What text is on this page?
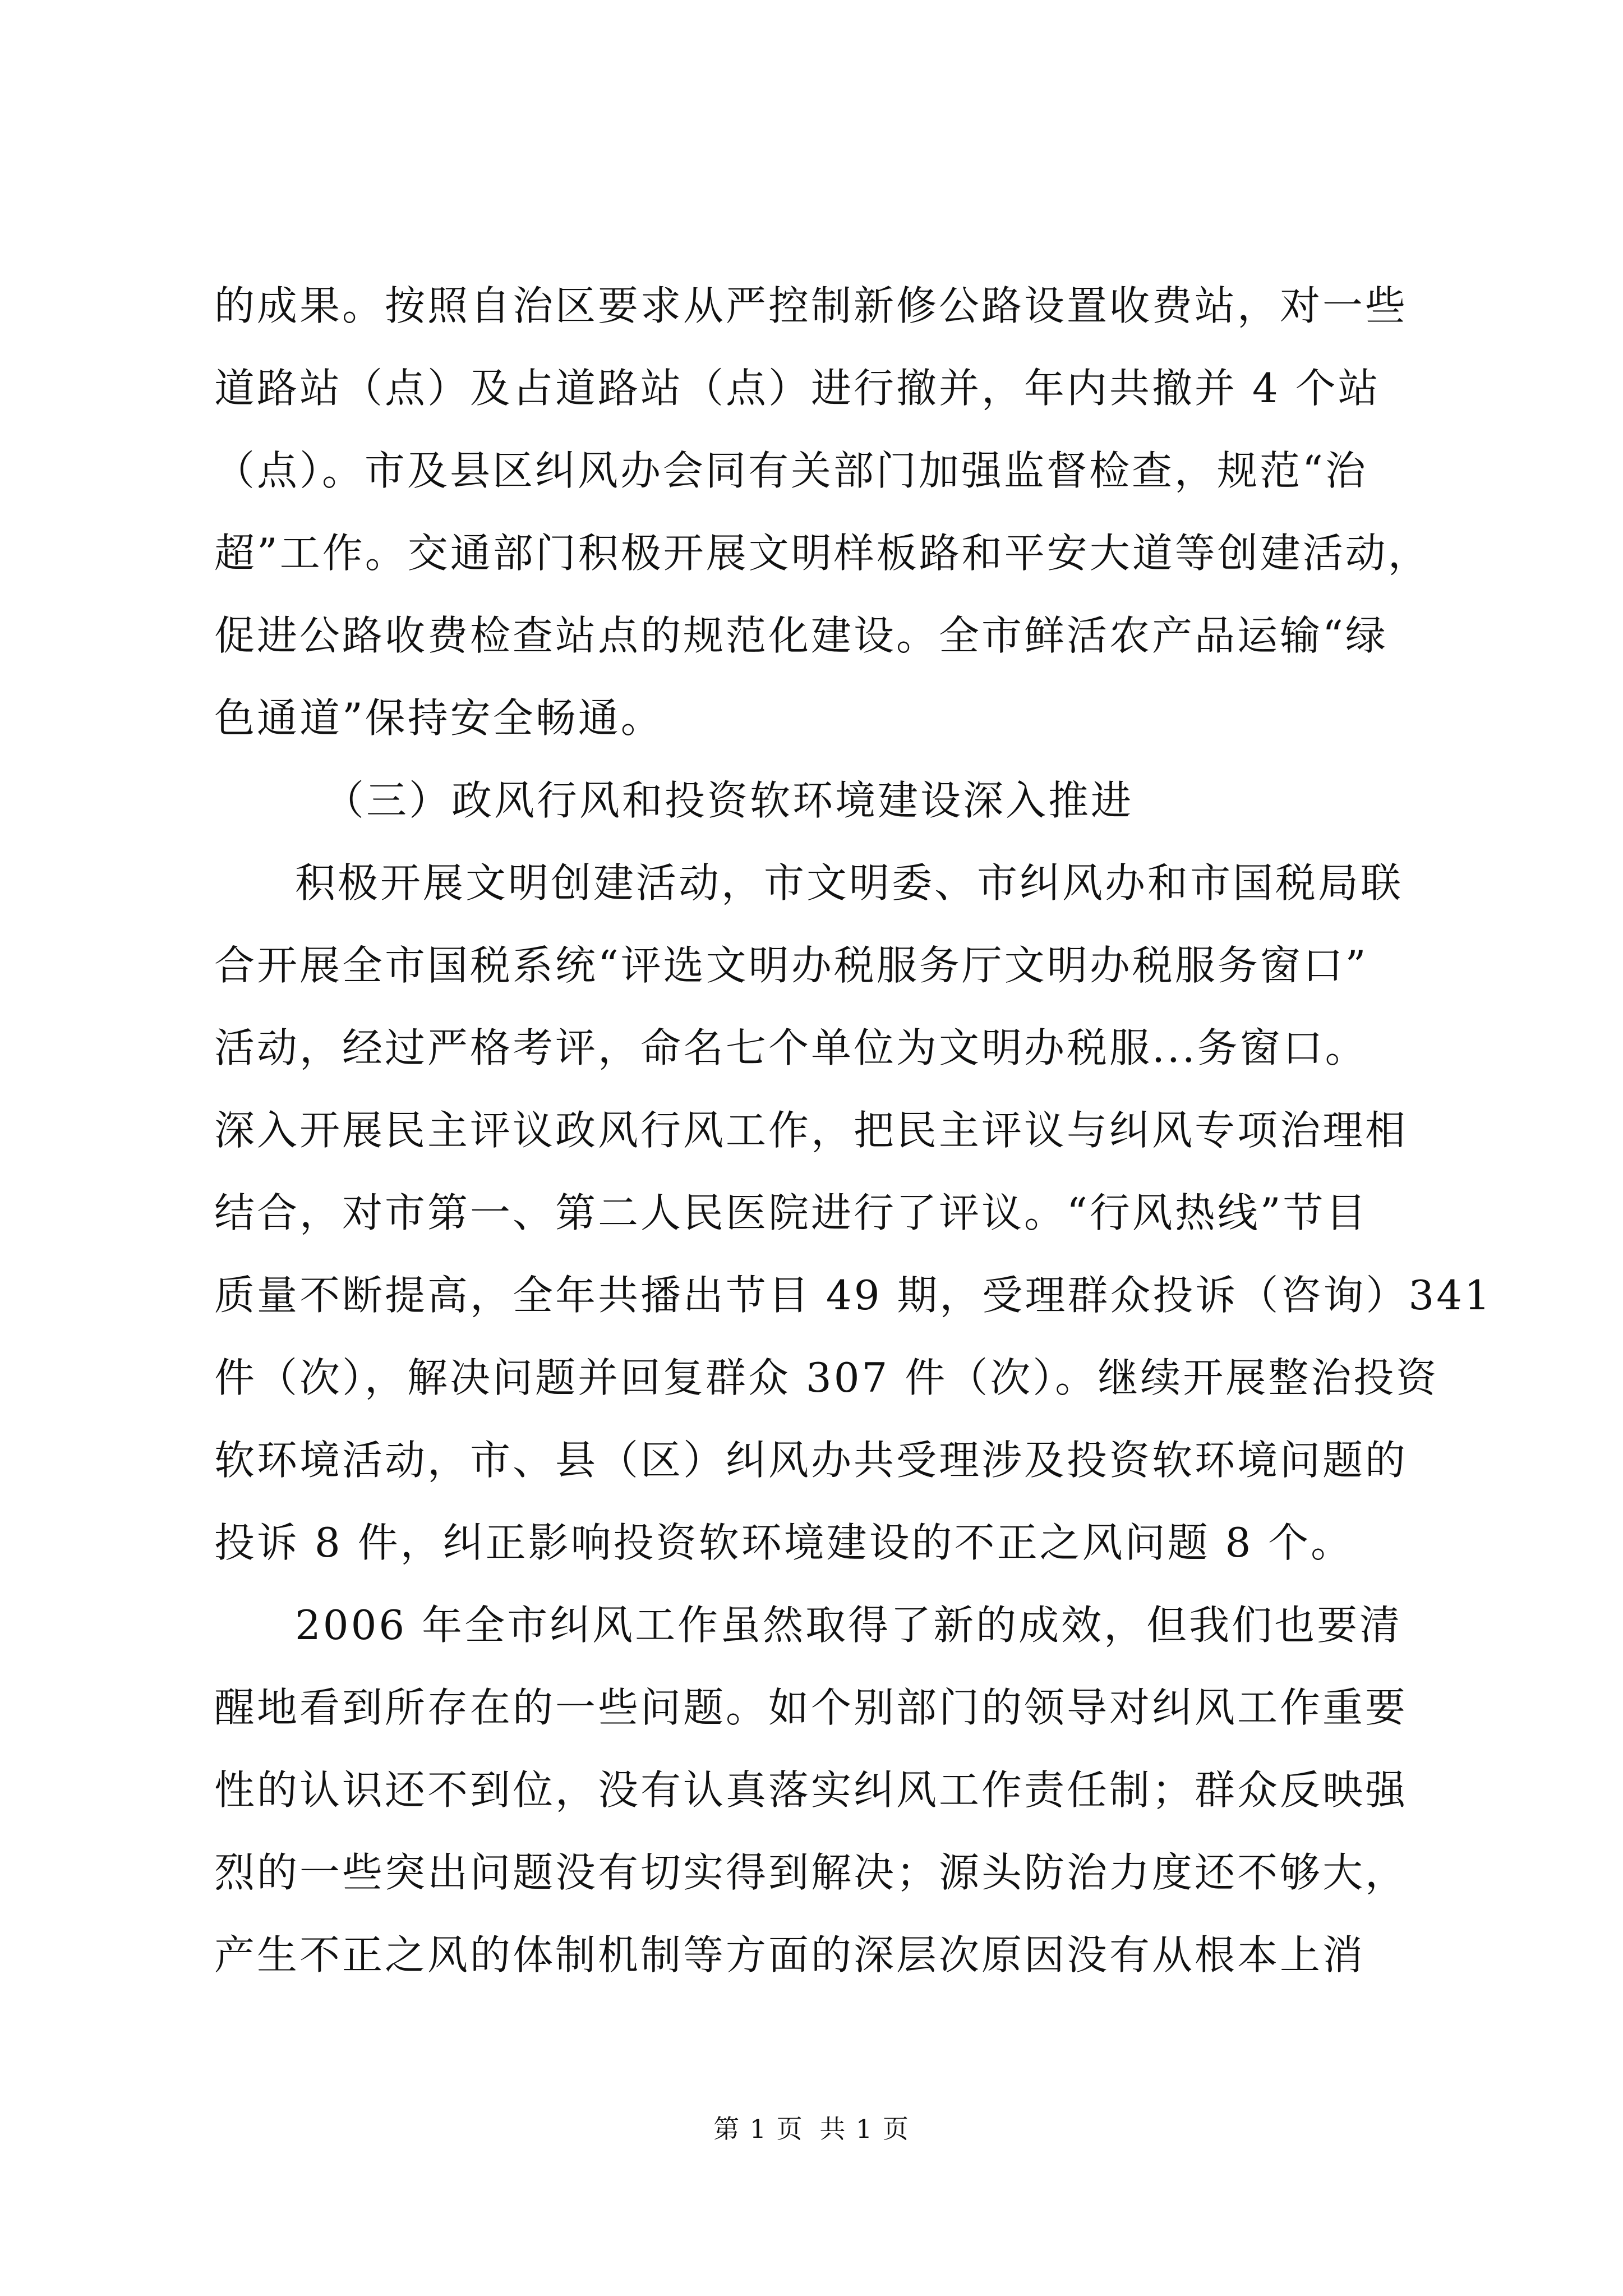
的成果。按照自治区要求从严控制新修公路设置收费站，对一些
道路站（点）及占道路站（点）进行撤并，年内共撤并 4 个站
（点）。市及县区纠风办会同有关部门加强监督检查，规范“治
超”工作。交通部门积极开展文明样板路和平安大道等创建活动，
促进公路收费检查站点的规范化建设。全市鲜活农产品运输“绿
色通道”保持安全畅通。
（三）政风行风和投资软环境建设深入推进
积极开展文明创建活动，市文明委、市纠风办和市国税局联
合开展全市国税系统“评选文明办税服务厅文明办税服务窗口”
活动，经过严格考评，命名七个单位为文明办税服...务窗口。
深入开展民主评议政风行风工作，把民主评议与纠风专项治理相
结合，对市第一、第二人民医院进行了评议。“行风热线”节目
质量不断提高，全年共播出节目 49 期，受理群众投诉（咨询）341
件（次），解决问题并回复群众 307 件（次）。继续开展整治投资
软环境活动，市、县（区）纠风办共受理涉及投资软环境问题的
投诉 8 件，纠正影响投资软环境建设的不正之风问题 8 个。
2006 年全市纠风工作虽然取得了新的成效，但我们也要清
醒地看到所存在的一些问题。如个别部门的领导对纠风工作重要
性的认识还不到位，没有认真落实纠风工作责任制；群众反映强
烈的一些突出问题没有切实得到解决；源头防治力度还不够大，
产生不正之风的体制机制等方面的深层次原因没有从根本上消
第 1 页 共 1 页
